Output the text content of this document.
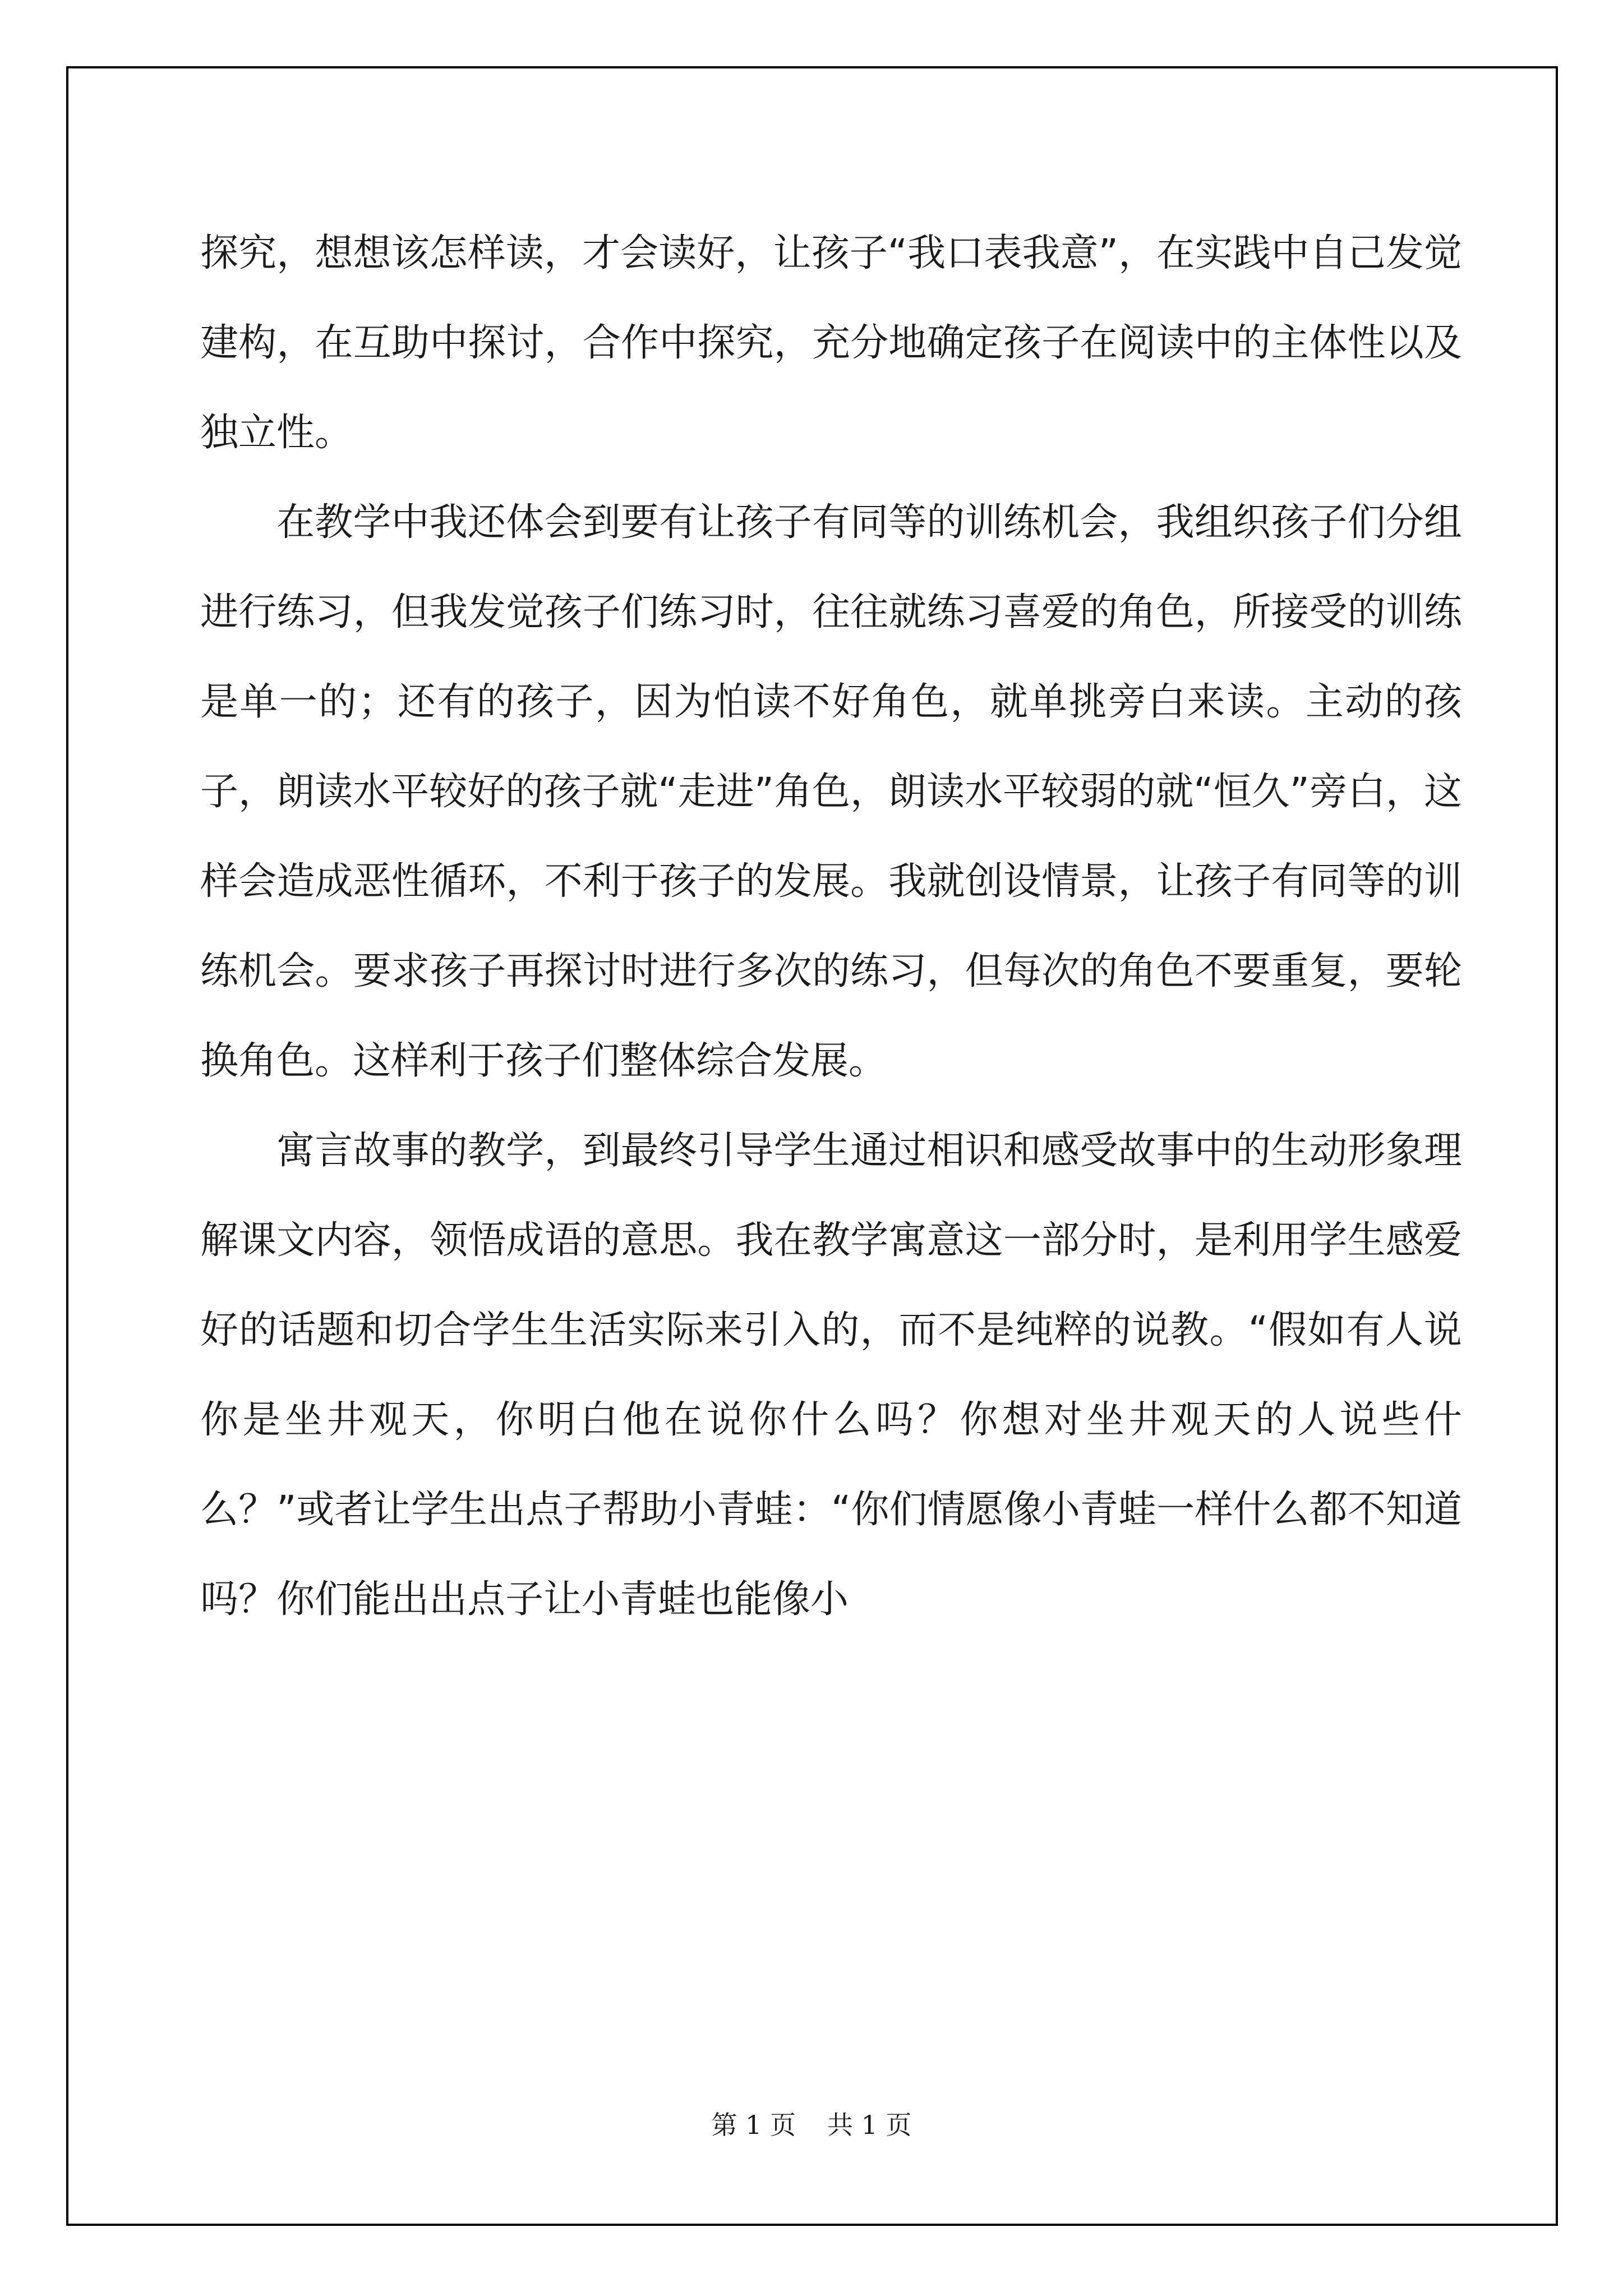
探究，想想该怎样读，才会读好，让孩子“我口表我意”，在实践中自己发觉建构，在互助中探讨，合作中探究，充分地确定孩子在阅读中的主体性以及独立性。

在教学中我还体会到要有让孩子有同等的训练机会，我组织孩子们分组进行练习，但我发觉孩子们练习时，往往就练习喜爱的角色，所接受的训练是单一的；还有的孩子，因为怕读不好角色，就单挑旁白来读。主动的孩子，朗读水平较好的孩子就“走进”角色，朗读水平较弱的就“恒久”旁白，这样会造成恶性循环，不利于孩子的发展。我就创设情景，让孩子有同等的训练机会。要求孩子再探讨时进行多次的练习，但每次的角色不要重复，要轮换角色。这样利于孩子们整体综合发展。

寓言故事的教学，到最终引导学生通过相识和感受故事中的生动形象理解课文内容，领悟成语的意思。我在教学寓意这一部分时，是利用学生感爱好的话题和切合学生生活实际来引入的，而不是纯粹的说教。“假如有人说你是坐井观天，你明白他在说你什么吗？你想对坐井观天的人说些什么？”或者让学生出点子帮助小青蛙：“你们情愿像小青蛙一样什么都不知道吗？你们能出出点子让小青蛙也能像小

第 1 页 共 1 页
